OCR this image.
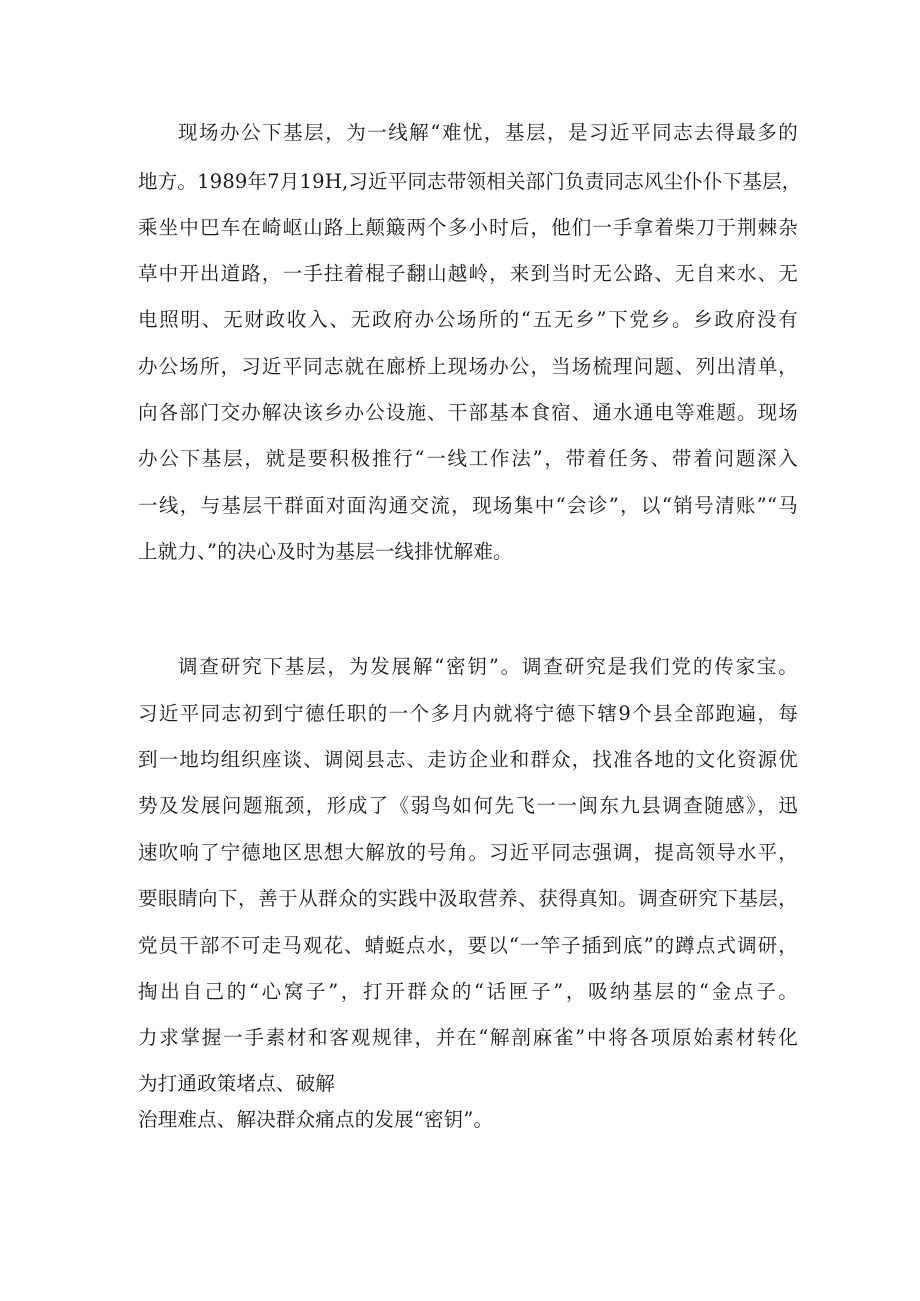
现场办公下基层，为一线解“难忧，基层，是习近平同志去得最多的
地方。1989年7月19H,习近平同志带领相关部门负责同志风尘仆仆下基层，
乘坐中巴车在崎岖山路上颠簸两个多小时后，他们一手拿着柴刀于荆棘杂
草中开出道路，一手拄着棍子翻山越岭，来到当时无公路、无自来水、无
电照明、无财政收入、无政府办公场所的“五无乡”下党乡。乡政府没有
办公场所，习近平同志就在廊桥上现场办公，当场梳理问题、列出清单，
向各部门交办解决该乡办公设施、干部基本食宿、通水通电等难题。现场
办公下基层，就是要积极推行“一线工作法”，带着任务、带着问题深入
一线，与基层干群面对面沟通交流，现场集中“会诊”，以“销号清账”“马
上就力、”的决心及时为基层一线排忧解难。
调查研究下基层，为发展解“密钥”。调查研究是我们党的传家宝。
习近平同志初到宁德任职的一个多月内就将宁德下辖9个县全部跑遍，每
到一地均组织座谈、调阅县志、走访企业和群众，找准各地的文化资源优
势及发展问题瓶颈，形成了《弱鸟如何先飞一一闽东九县调查随感》，迅
速吹响了宁德地区思想大解放的号角。习近平同志强调，提高领导水平，
要眼睛向下，善于从群众的实践中汲取营养、获得真知。调查研究下基层，
党员干部不可走马观花、蜻蜓点水，要以“一竿子插到底”的蹲点式调研，
掏出自己的“心窝子”，打开群众的“话匣子”，吸纳基层的“金点子。
力求掌握一手素材和客观规律，并在“解剖麻雀”中将各项原始素材转化
为打通政策堵点、破解
治理难点、解决群众痛点的发展“密钥”。
